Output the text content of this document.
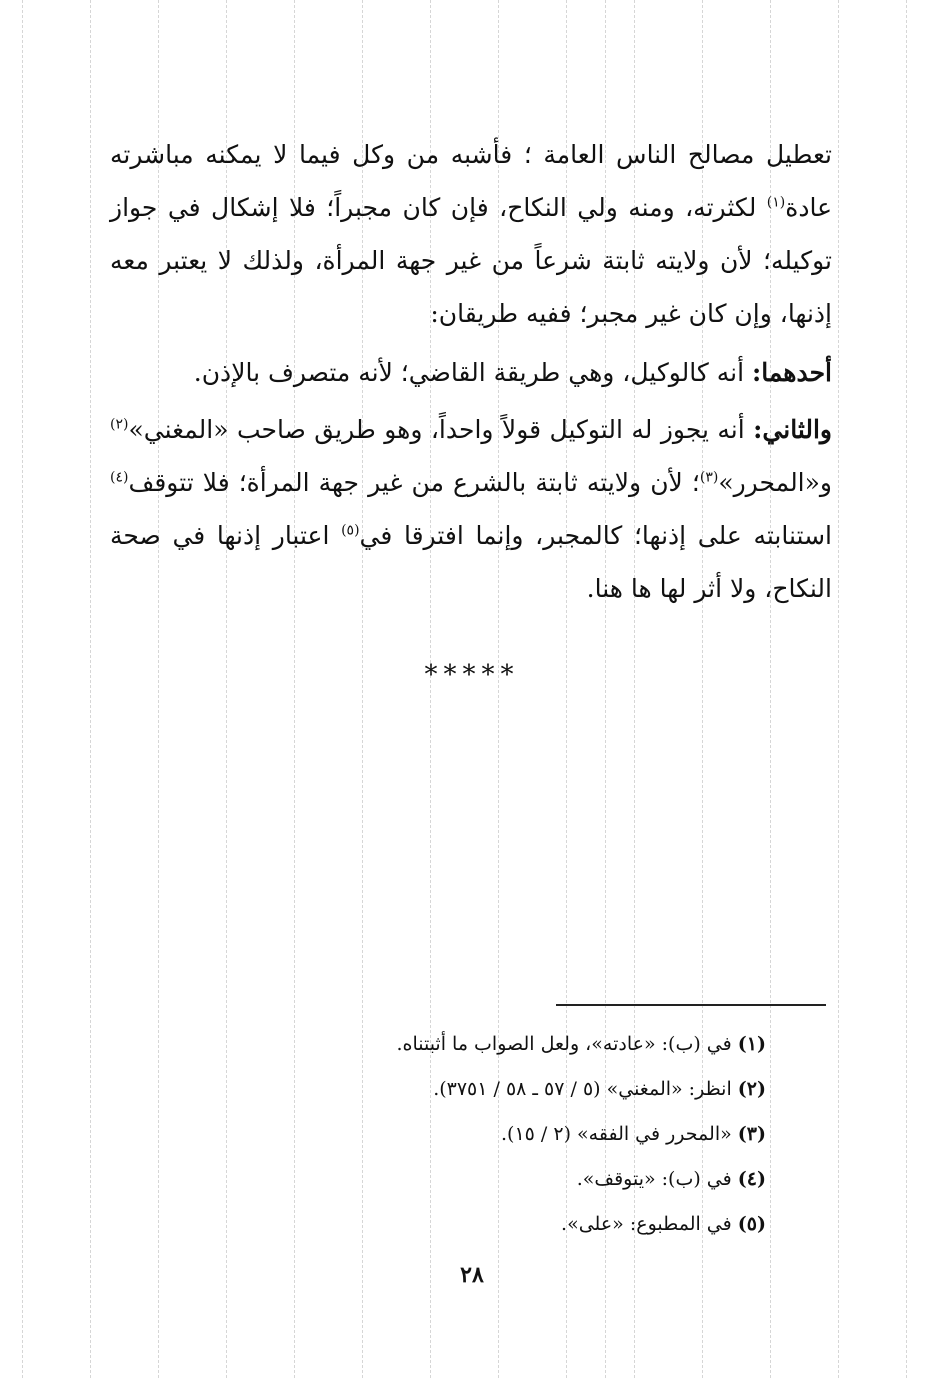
تعطيل مصالح الناس العامة ؛ فأشبه من وكل فيما لا يمكنه مباشرته عادة$^{(١)}$ لكثرته، ومنه ولي النكاح، فإن كان مجبراً؛ فلا إشكال في جواز توكيله؛ لأن ولايته ثابتة شرعاً من غير جهة المرأة، ولذلك لا يعتبر معه إذنها، وإن كان غير مجبر؛ ففيه طريقان:

أحدهما: أنه كالوكيل، وهي طريقة القاضي؛ لأنه متصرف بالإذن.

والثاني: أنه يجوز له التوكيل قولاً واحداً، وهو طريق صاحب «المغني»$^{(٢)}$ و«المحرر»$^{(٣)}$؛ لأن ولايته ثابتة بالشرع من غير جهة المرأة؛ فلا تتوقف$^{(٤)}$ استنابته على إذنها؛ كالمجبر، وإنما افترقا في$^{(٥)}$ اعتبار إذنها في صحة النكاح، ولا أثر لها ها هنا.

*****
(١) في (ب): «عادته»، ولعل الصواب ما أثبتناه.
(٢) انظر: «المغني» (٥ / ٥٧ ـ ٥٨ / ٣٧٥١).
(٣) «المحرر في الفقه» (٢ / ١٥).
(٤) في (ب): «يتوقف».
(٥) في المطبوع: «على».
٢٨
